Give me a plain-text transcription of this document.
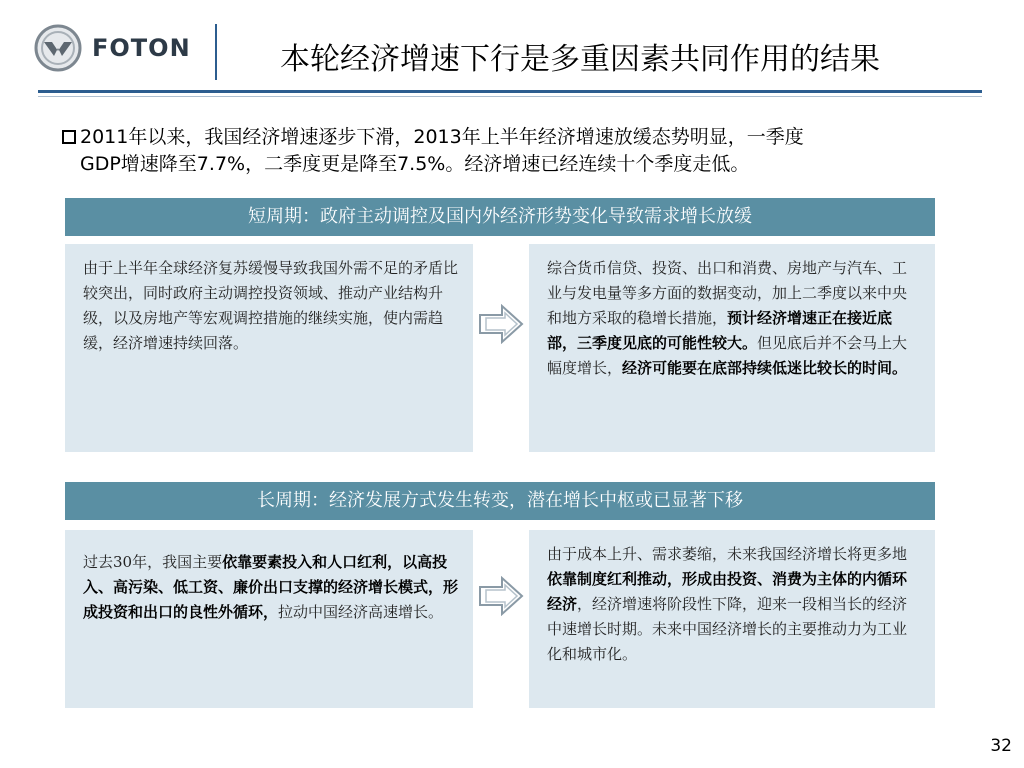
FOTON	本轮经济增速下行是多重因素共同作用的结果
2011年以来，我国经济增速逐步下滑，2013年上半年经济增速放缓态势明显，一季度
GDP增速降至7.7%，二季度更是降至7.5%。经济增速已经连续十个季度走低。
短周期：政府主动调控及国内外经济形势变化导致需求增长放缓
由于上半年全球经济复苏缓慢导致我国外需不足的矛盾比较突出，同时政府主动调控投资领域、推动产业结构升级，以及房地产等宏观调控措施的继续实施，使内需趋缓，经济增速持续回落。
综合货币信贷、投资、出口和消费、房地产与汽车、工业与发电量等多方面的数据变动，加上二季度以来中央和地方采取的稳增长措施，预计经济增速正在接近底部，三季度见底的可能性较大。但见底后并不会马上大幅度增长，经济可能要在底部持续低迷比较长的时间。
长周期：经济发展方式发生转变，潜在增长中枢或已显著下移
过去30年，我国主要依靠要素投入和人口红利，以高投入、高污染、低工资、廉价出口支撑的经济增长模式，形成投资和出口的良性外循环，拉动中国经济高速增长。
由于成本上升、需求萎缩，未来我国经济增长将更多地依靠制度红利推动，形成由投资、消费为主体的内循环经济，经济增速将阶段性下降，迎来一段相当长的经济中速增长时期。未来中国经济增长的主要推动力为工业化和城市化。
32
